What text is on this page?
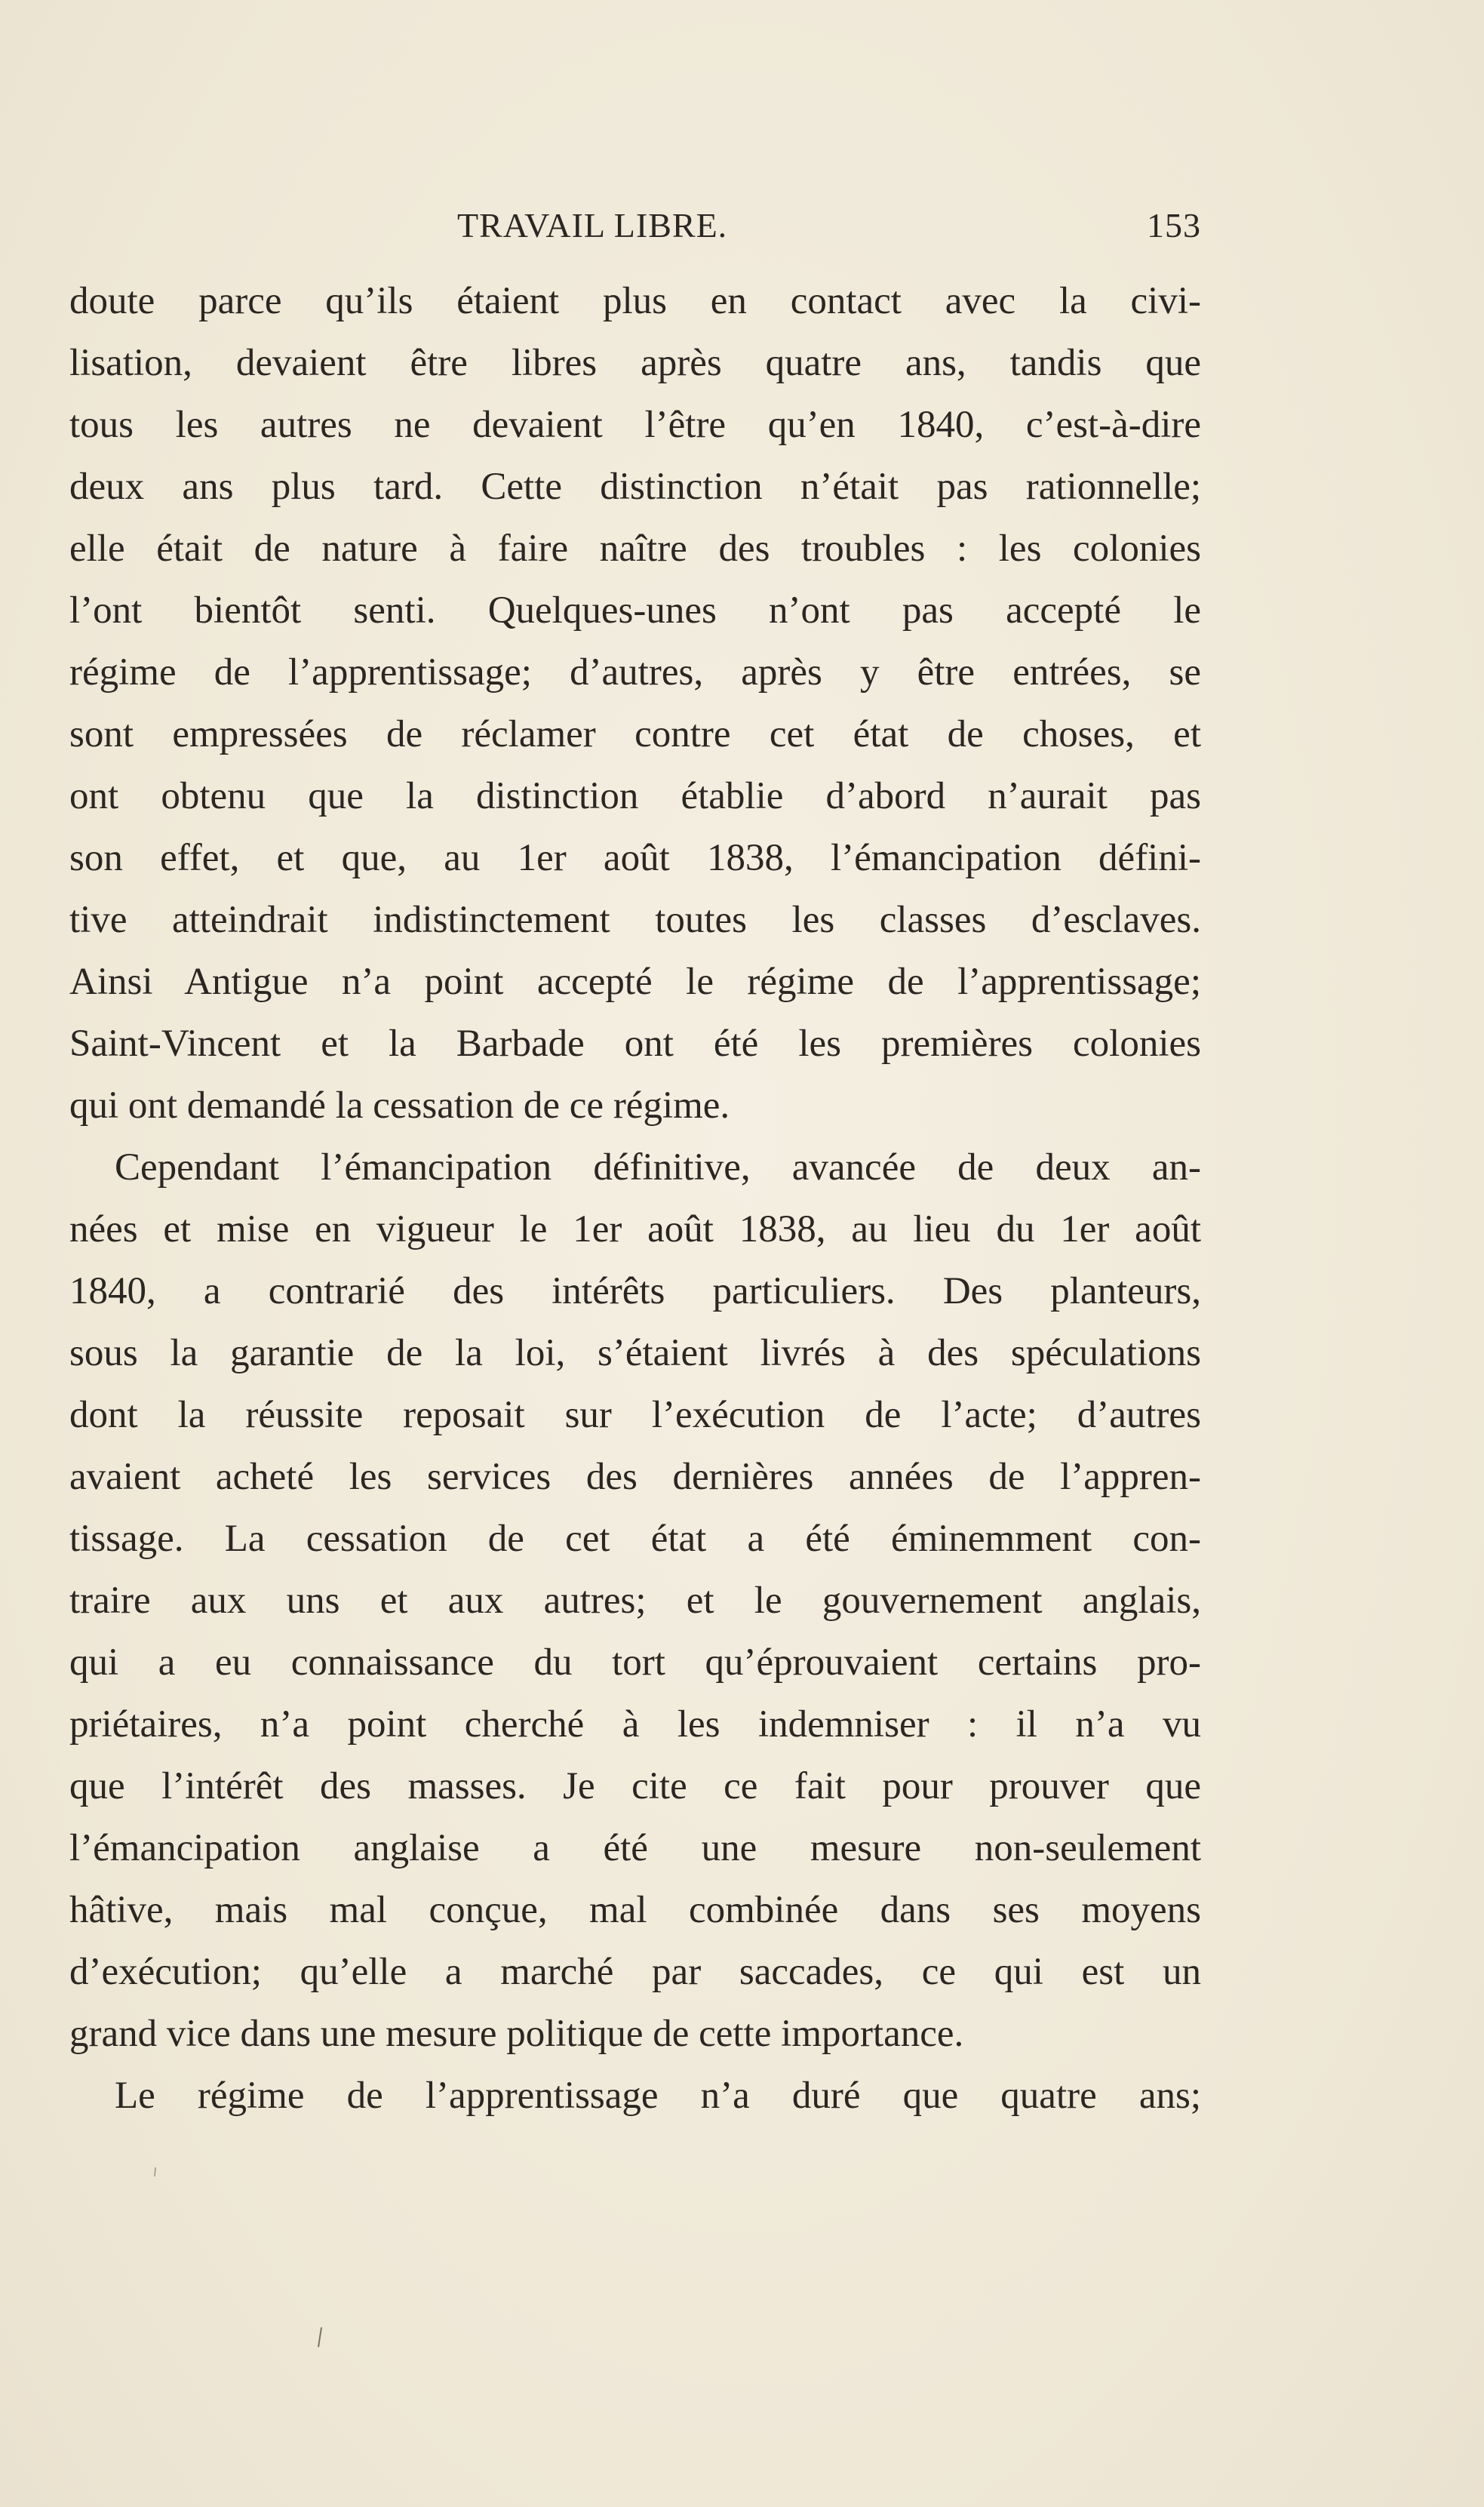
TRAVAIL LIBRE.	153
doute parce qu’ils étaient plus en contact avec la civi-
lisation, devaient être libres après quatre ans, tandis que
tous les autres ne devaient l’être qu’en 1840, c’est-à-dire
deux ans plus tard. Cette distinction n’était pas rationnelle;
elle était de nature à faire naître des troubles : les colonies
l’ont bientôt senti. Quelques-unes n’ont pas accepté le
régime de l’apprentissage; d’autres, après y être entrées, se
sont empressées de réclamer contre cet état de choses, et
ont obtenu que la distinction établie d’abord n’aurait pas
son effet, et que, au 1er août 1838, l’émancipation défini-
tive atteindrait indistinctement toutes les classes d’esclaves.
Ainsi Antigue n’a point accepté le régime de l’apprentissage;
Saint-Vincent et la Barbade ont été les premières colonies
qui ont demandé la cessation de ce régime.
Cependant l’émancipation définitive, avancée de deux an-
nées et mise en vigueur le 1er août 1838, au lieu du 1er août
1840, a contrarié des intérêts particuliers. Des planteurs,
sous la garantie de la loi, s’étaient livrés à des spéculations
dont la réussite reposait sur l’exécution de l’acte; d’autres
avaient acheté les services des dernières années de l’appren-
tissage. La cessation de cet état a été éminemment con-
traire aux uns et aux autres; et le gouvernement anglais,
qui a eu connaissance du tort qu’éprouvaient certains pro-
priétaires, n’a point cherché à les indemniser : il n’a vu
que l’intérêt des masses. Je cite ce fait pour prouver que
l’émancipation anglaise a été une mesure non-seulement
hâtive, mais mal conçue, mal combinée dans ses moyens
d’exécution; qu’elle a marché par saccades, ce qui est un
grand vice dans une mesure politique de cette importance.
Le régime de l’apprentissage n’a duré que quatre ans;
